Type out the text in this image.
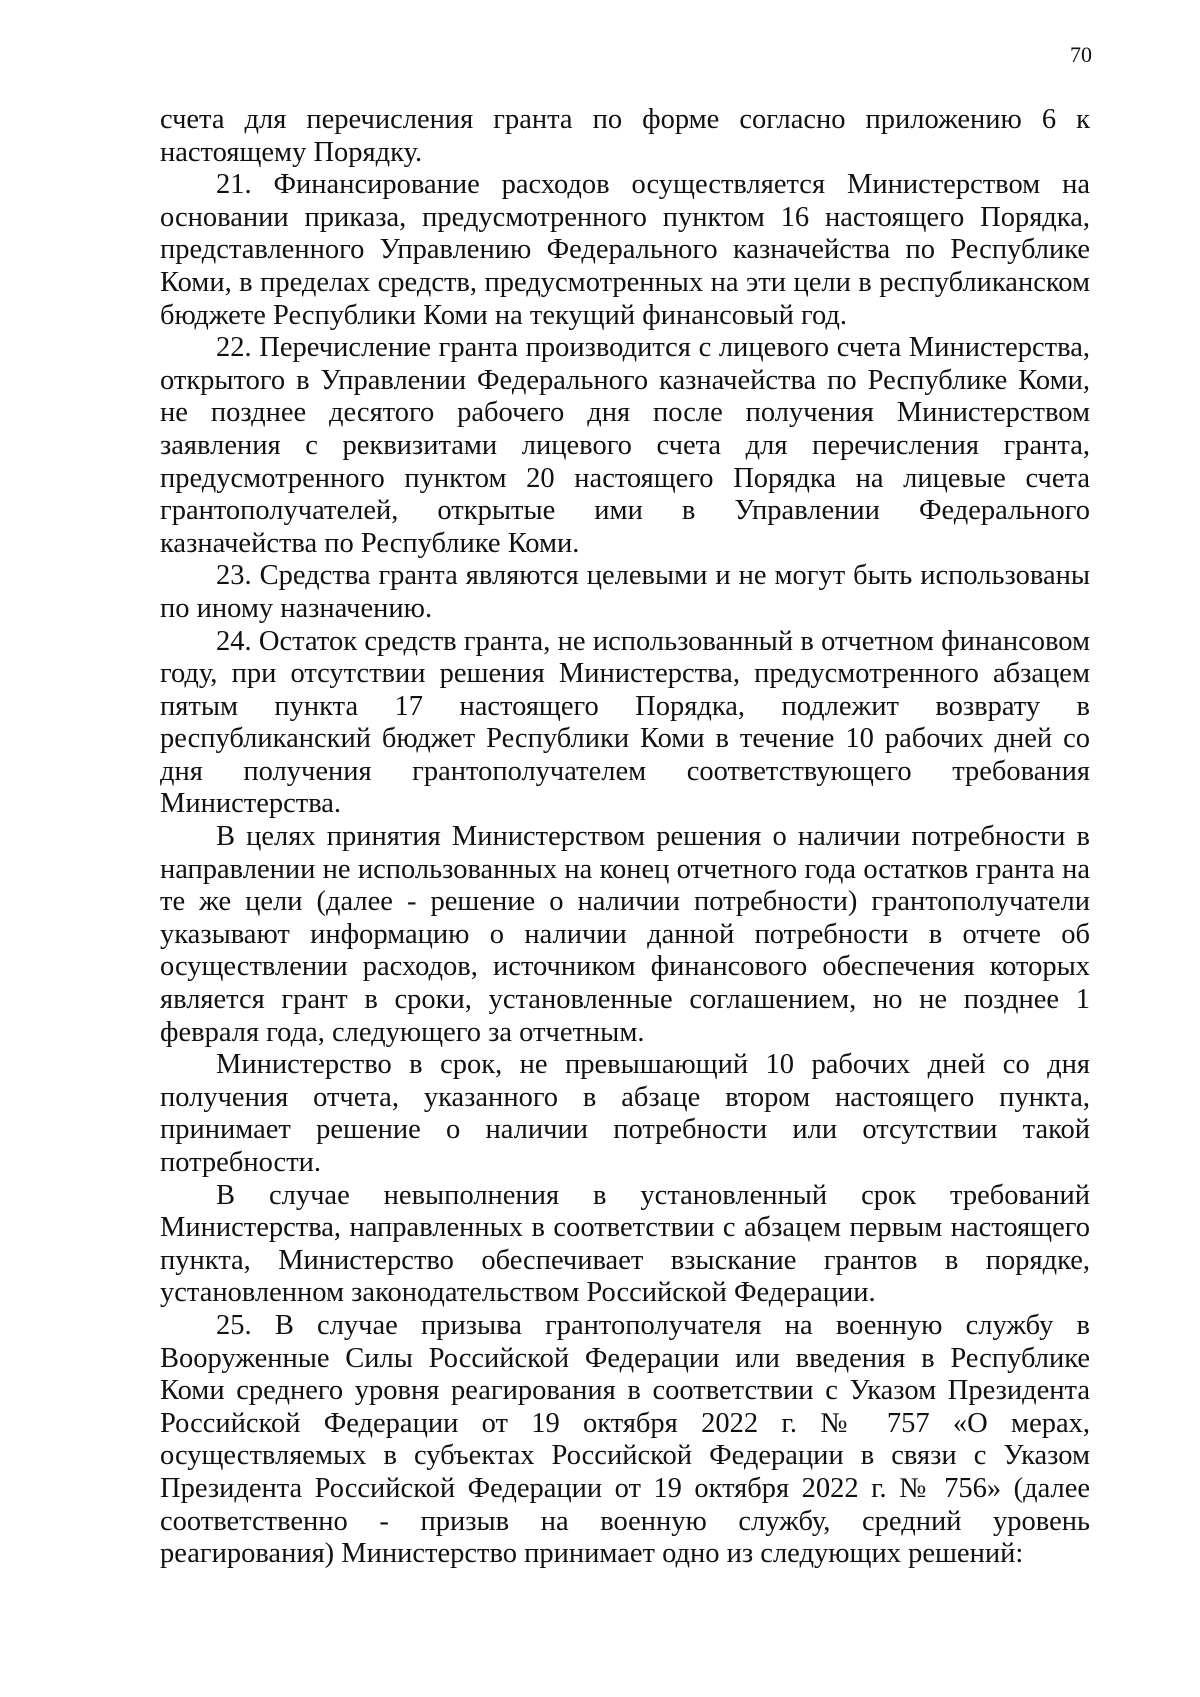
70

счета для перечисления гранта по форме согласно приложению 6 к настоящему Порядку.

21. Финансирование расходов осуществляется Министерством на основании приказа, предусмотренного пунктом 16 настоящего Порядка, представленного Управлению Федерального казначейства по Республике Коми, в пределах средств, предусмотренных на эти цели в республиканском бюджете Республики Коми на текущий финансовый год.

22. Перечисление гранта производится с лицевого счета Министерства, открытого в Управлении Федерального казначейства по Республике Коми, не позднее десятого рабочего дня после получения Министерством заявления с реквизитами лицевого счета для перечисления гранта, предусмотренного пунктом 20 настоящего Порядка на лицевые счета грантополучателей, открытые ими в Управлении Федерального казначейства по Республике Коми.

23. Средства гранта являются целевыми и не могут быть использованы по иному назначению.

24. Остаток средств гранта, не использованный в отчетном финансовом году, при отсутствии решения Министерства, предусмотренного абзацем пятым пункта 17 настоящего Порядка, подлежит возврату в республиканский бюджет Республики Коми в течение 10 рабочих дней со дня получения грантополучателем соответствующего требования Министерства.

В целях принятия Министерством решения о наличии потребности в направлении не использованных на конец отчетного года остатков гранта на те же цели (далее - решение о наличии потребности) грантополучатели указывают информацию о наличии данной потребности в отчете об осуществлении расходов, источником финансового обеспечения которых является грант в сроки, установленные соглашением, но не позднее 1 февраля года, следующего за отчетным.

Министерство в срок, не превышающий 10 рабочих дней со дня получения отчета, указанного в абзаце втором настоящего пункта, принимает решение о наличии потребности или отсутствии такой потребности.

В случае невыполнения в установленный срок требований Министерства, направленных в соответствии с абзацем первым настоящего пункта, Министерство обеспечивает взыскание грантов в порядке, установленном законодательством Российской Федерации.

25. В случае призыва грантополучателя на военную службу в Вооруженные Силы Российской Федерации или введения в Республике Коми среднего уровня реагирования в соответствии с Указом Президента Российской Федерации от 19 октября 2022 г. № 757 «О мерах, осуществляемых в субъектах Российской Федерации в связи с Указом Президента Российской Федерации от 19 октября 2022 г. № 756» (далее соответственно - призыв на военную службу, средний уровень реагирования) Министерство принимает одно из следующих решений:
